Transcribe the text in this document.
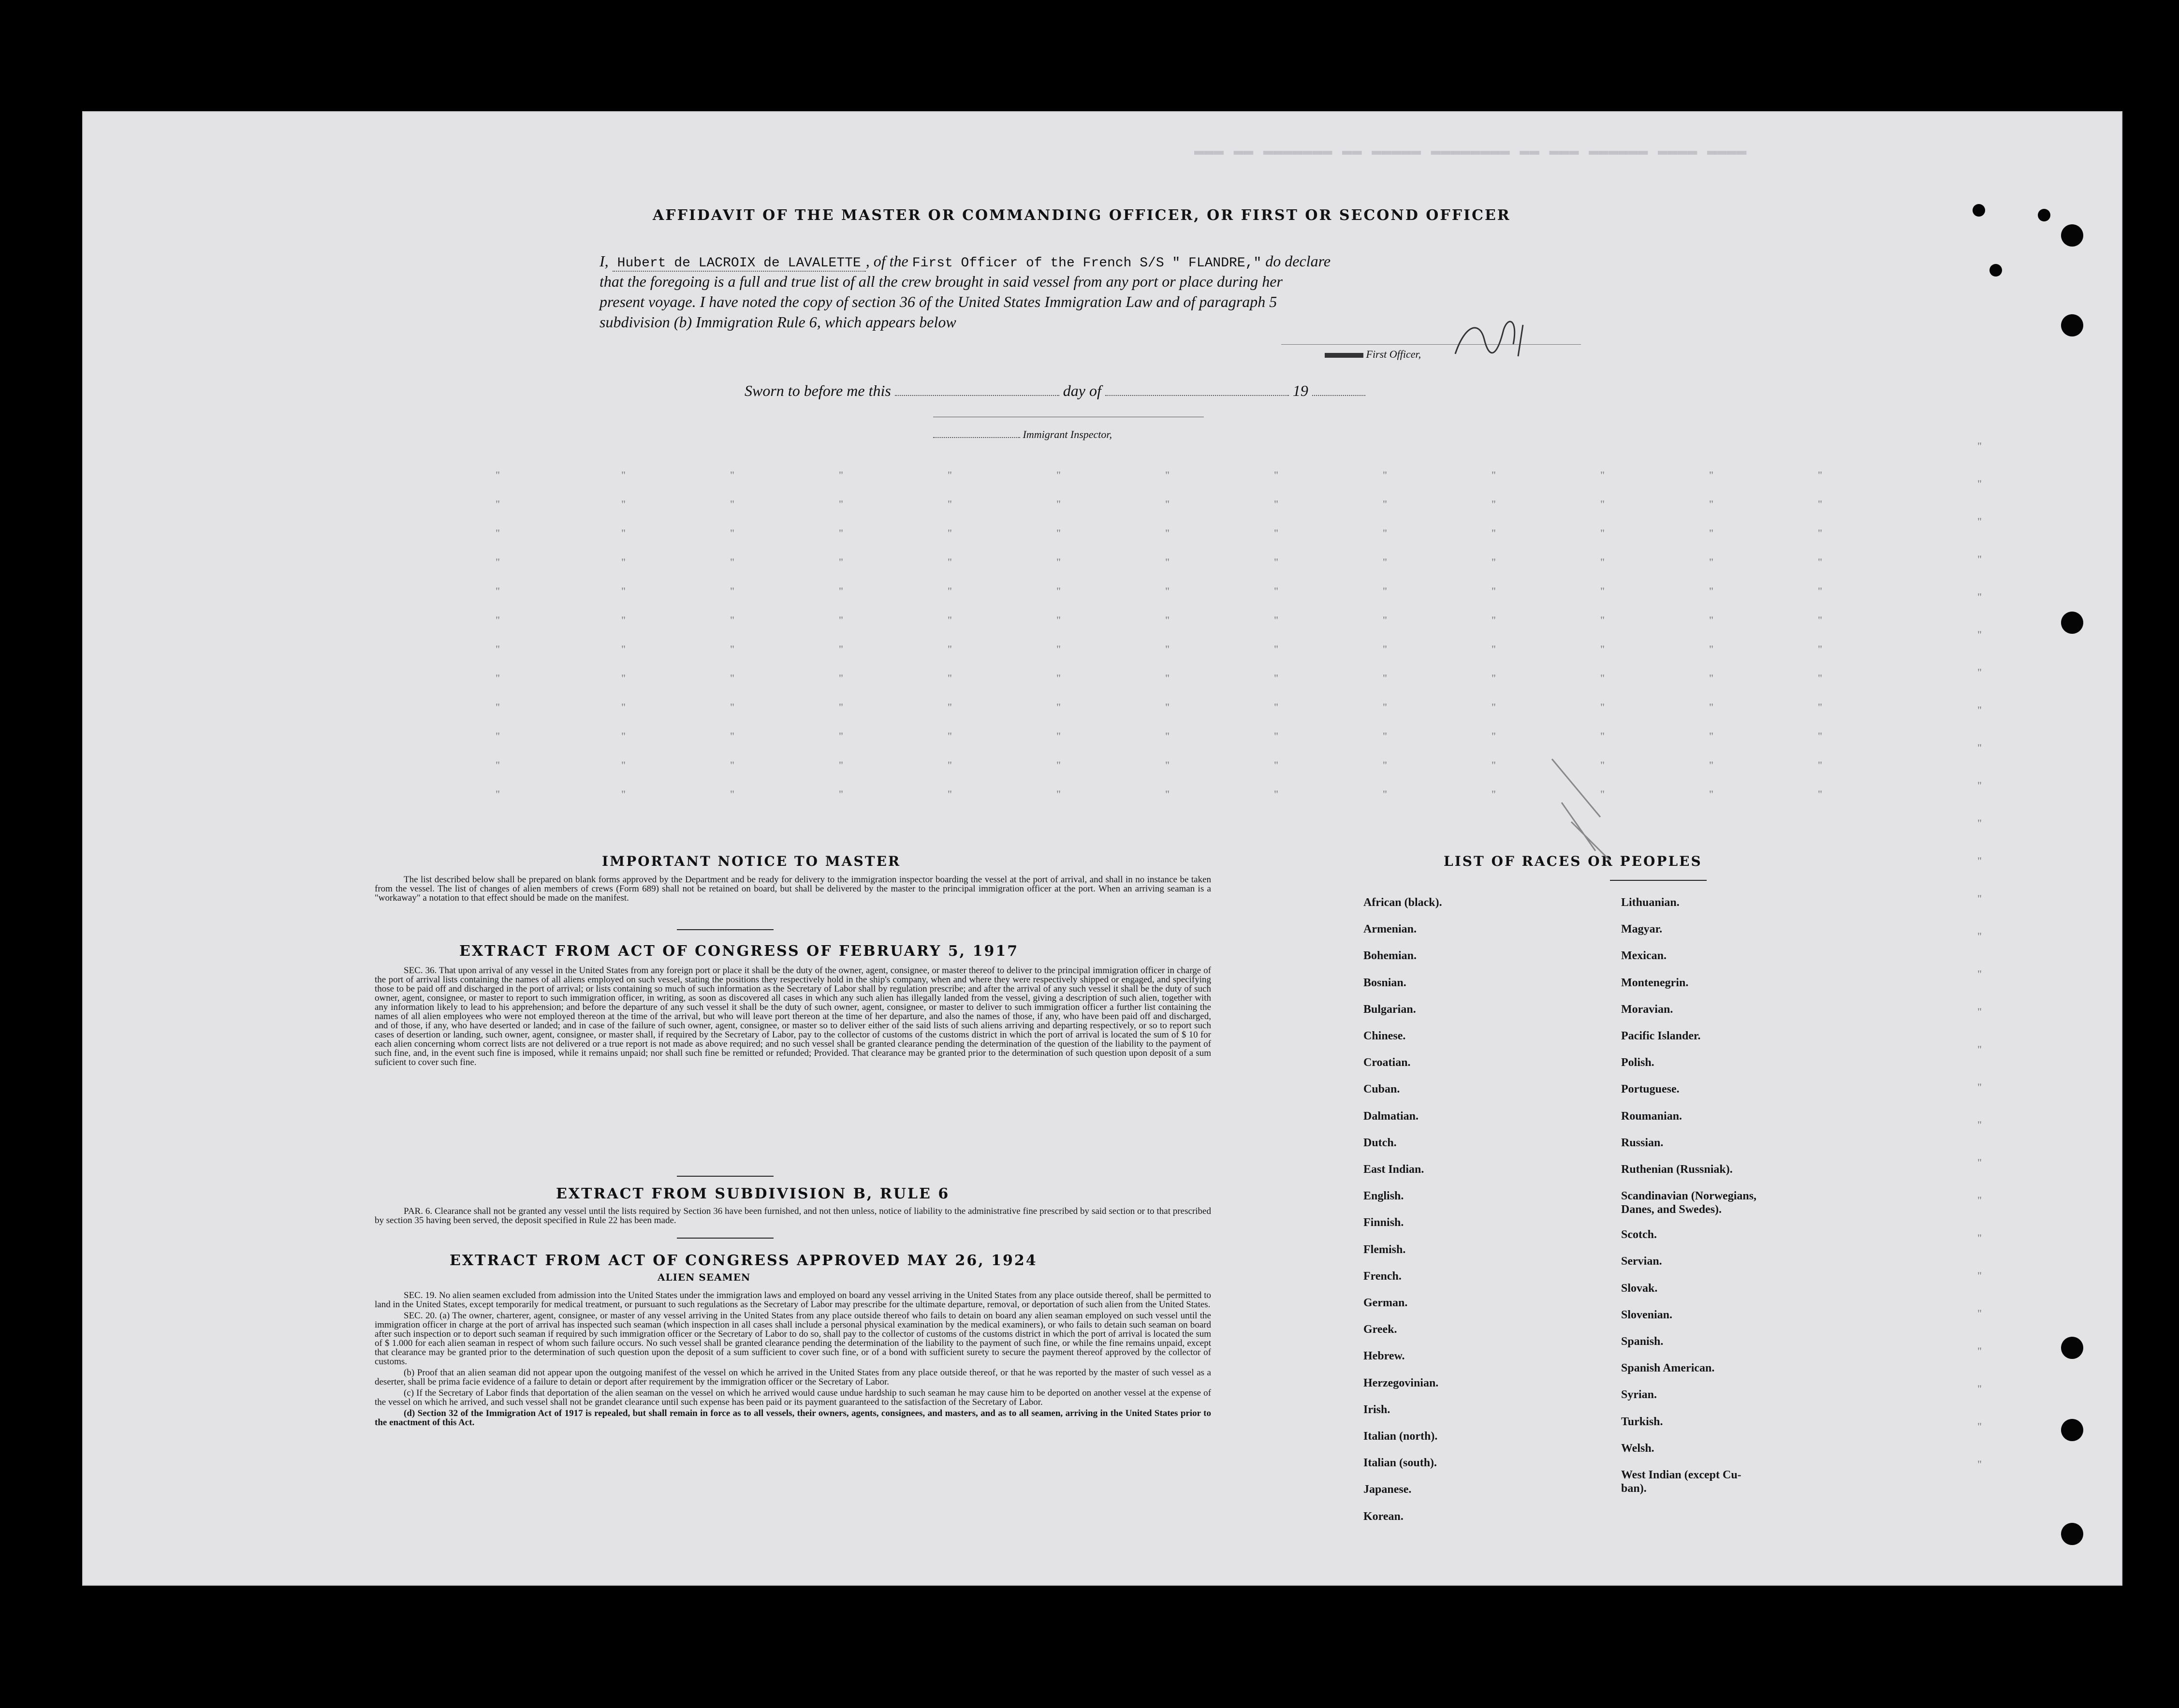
▬▬▬ ▬▬ ▬▬▬▬▬▬▬ ▬▬ ▬▬▬▬▬ ▬▬▬▬▬▬▬▬ ▬▬ ▬▬▬ ▬▬▬▬▬▬ ▬▬▬▬ ▬▬▬▬
AFFIDAVIT OF THE MASTER OR COMMANDING OFFICER, OR FIRST OR SECOND OFFICER
I, Hubert de LACROIX de LAVALETTE , of the First Officer of the French S/S " FLANDRE," do declare
that the foregoing is a full and true list of all the crew brought in said vessel from any port or place during her
present voyage. I have noted the copy of section 36 of the United States Immigration Law and of paragraph 5
subdivision (b) Immigration Rule 6, which appears below
First Officer,
Sworn to before me this	day of	19
Immigrant Inspector,
"	"	"	"	"	"	"	"	"	"	"	"	"
"	"	"	"	"	"	"	"	"	"	"	"	"
"	"	"	"	"	"	"	"	"	"	"	"	"
"	"	"	"	"	"	"	"	"	"	"	"	"
"	"	"	"	"	"	"	"	"	"	"	"	"
"	"	"	"	"	"	"	"	"	"	"	"	"
"	"	"	"	"	"	"	"	"	"	"	"	"
"	"	"	"	"	"	"	"	"	"	"	"	"
"	"	"	"	"	"	"	"	"	"	"	"	"
"	"	"	"	"	"	"	"	"	"	"	"	"
"	"	"	"	"	"	"	"	"	"	"	"	"
"	"	"	"	"	"	"	"	"	"	"	"	"
"
"
"
"
"
"
"
"
"
"
"
"
"
"
"
"
"
"
"
"
"
"
"
"
"
"
"
"
IMPORTANT NOTICE TO MASTER

The list described below shall be prepared on blank forms approved by the Department and be ready for delivery to the immigration inspector boarding the vessel at the port of arrival, and shall in no instance be taken from the vessel. The list of changes of alien members of crews (Form 689) shall not be retained on board, but shall be delivered by the master to the principal immigration officer at the port. When an arriving seaman is a "workaway" a notation to that effect should be made on the manifest.

EXTRACT FROM ACT OF CONGRESS OF FEBRUARY 5, 1917

SEC. 36. That upon arrival of any vessel in the United States from any foreign port or place it shall be the duty of the owner, agent, consignee, or master thereof to deliver to the principal immigration officer in charge of the port of arrival lists containing the names of all aliens employed on such vessel, stating the positions they respectively hold in the ship's company, when and where they were respectively shipped or engaged, and specifying those to be paid off and discharged in the port of arrival; or lists containing so much of such information as the Secretary of Labor shall by regulation prescribe; and after the arrival of any such vessel it shall be the duty of such owner, agent, consignee, or master to report to such immigration officer, in writing, as soon as discovered all cases in which any such alien has illegally landed from the vessel, giving a description of such alien, together with any information likely to lead to his apprehension; and before the departure of any such vessel it shall be the duty of such owner, agent, consignee, or master to deliver to such immigration officer a further list containing the names of all alien employees who were not employed thereon at the time of the arrival, but who will leave port thereon at the time of her departure, and also the names of those, if any, who have been paid off and discharged, and of those, if any, who have deserted or landed; and in case of the failure of such owner, agent, consignee, or master so to deliver either of the said lists of such aliens arriving and departing respectively, or so to report such cases of desertion or landing, such owner, agent, consignee, or master shall, if required by the Secretary of Labor, pay to the collector of customs of the customs district in which the port of arrival is located the sum of $ 10 for each alien concerning whom correct lists are not delivered or a true report is not made as above required; and no such vessel shall be granted clearance pending the determination of the question of the liability to the payment of such fine, and, in the event such fine is imposed, while it remains unpaid; nor shall such fine be remitted or refunded; Provided. That clearance may be granted prior to the determination of such question upon deposit of a sum suficient to cover such fine.

EXTRACT FROM SUBDIVISION B, RULE 6

PAR. 6. Clearance shall not be granted any vessel until the lists required by Section 36 have been furnished, and not then unless, notice of liability to the administrative fine prescribed by said section or to that prescribed by section 35 having been served, the deposit specified in Rule 22 has been made.

EXTRACT FROM ACT OF CONGRESS APPROVED MAY 26, 1924
ALIEN SEAMEN

SEC. 19. No alien seamen excluded from admission into the United States under the immigration laws and employed on board any vessel arriving in the United States from any place outside thereof, shall be permitted to land in the United States, except temporarily for medical treatment, or pursuant to such regulations as the Secretary of Labor may prescribe for the ultimate departure, removal, or deportation of such alien from the United States.

SEC. 20. (a) The owner, charterer, agent, consignee, or master of any vessel arriving in the United States from any place outside thereof who fails to detain on board any alien seaman employed on such vessel until the immigration officer in charge at the port of arrival has inspected such seaman (which inspection in all cases shall include a personal physical examination by the medical examiners), or who fails to detain such seaman on board after such inspection or to deport such seaman if required by such immigration officer or the Secretary of Labor to do so, shall pay to the collector of customs of the customs district in which the port of arrival is located the sum of $ 1.000 for each alien seaman in respect of whom such failure occurs. No such vessel shall be granted clearance pending the determination of the liability to the payment of such fine, or while the fine remains unpaid, except that clearance may be granted prior to the determination of such question upon the deposit of a sum sufficient to cover such fine, or of a bond with sufficient surety to secure the payment thereof approved by the collector of customs.

(b) Proof that an alien seaman did not appear upon the outgoing manifest of the vessel on which he arrived in the United States from any place outside thereof, or that he was reported by the master of such vessel as a deserter, shall be prima facie evidence of a failure to detain or deport after requirement by the immigration officer or the Secretary of Labor.

(c) If the Secretary of Labor finds that deportation of the alien seaman on the vessel on which he arrived would cause undue hardship to such seaman he may cause him to be deported on another vessel at the expense of the vessel on which he arrived, and such vessel shall not be grandet clearance until such expense has been paid or its payment guaranteed to the satisfaction of the Secretary of Labor.

(d) Section 32 of the Immigration Act of 1917 is repealed, but shall remain in force as to all vessels, their owners, agents, consignees, and masters, and as to all seamen, arriving in the United States prior to the enactment of this Act.

LIST OF RACES OR PEOPLES
African (black).
Armenian.
Bohemian.
Bosnian.
Bulgarian.
Chinese.
Croatian.
Cuban.
Dalmatian.
Dutch.
East Indian.
English.
Finnish.
Flemish.
French.
German.
Greek.
Hebrew.
Herzegovinian.
Irish.
Italian (north).
Italian (south).
Japanese.
Korean.
Lithuanian.
Magyar.
Mexican.
Montenegrin.
Moravian.
Pacific Islander.
Polish.
Portuguese.
Roumanian.
Russian.
Ruthenian (Russniak).
Scandinavian (Norwegians,
Danes, and Swedes).
Scotch.
Servian.
Slovak.
Slovenian.
Spanish.
Spanish American.
Syrian.
Turkish.
Welsh.
West Indian (except Cu-
ban).
